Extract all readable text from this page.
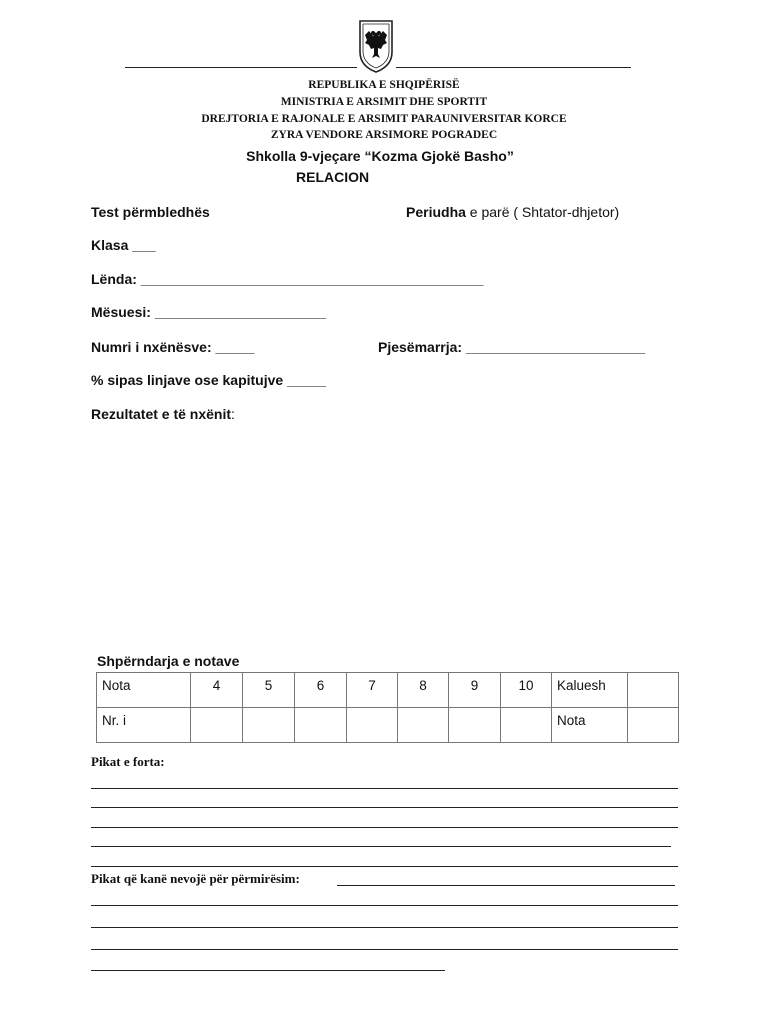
REPUBLIKA E SHQIPËRISË
MINISTRIA E ARSIMIT DHE SPORTIT
DREJTORIA E RAJONALE E ARSIMIT PARAUNIVERSITAR KORCE
ZYRA VENDORE ARSIMORE POGRADEC
Shkolla 9-vjeçare “Kozma Gjokë Basho”
RELACION
Test përmbledhës	Periudha e parë ( Shtator-dhjetor)
Klasa ___
Lënda: ____________________________________________
Mësuesi: ______________________
Numri i nxënësve: _____	Pjesëmarrja: _______________________
% sipas linjave ose kapitujve _____
Rezultatet e të nxënit:
Shpërndarja e notave
Nota	4	5	6	7	8	9	10	Kaluesh	
Nr. i								Nota	
Pikat e forta:
Pikat që kanë nevojë për përmirësim:
